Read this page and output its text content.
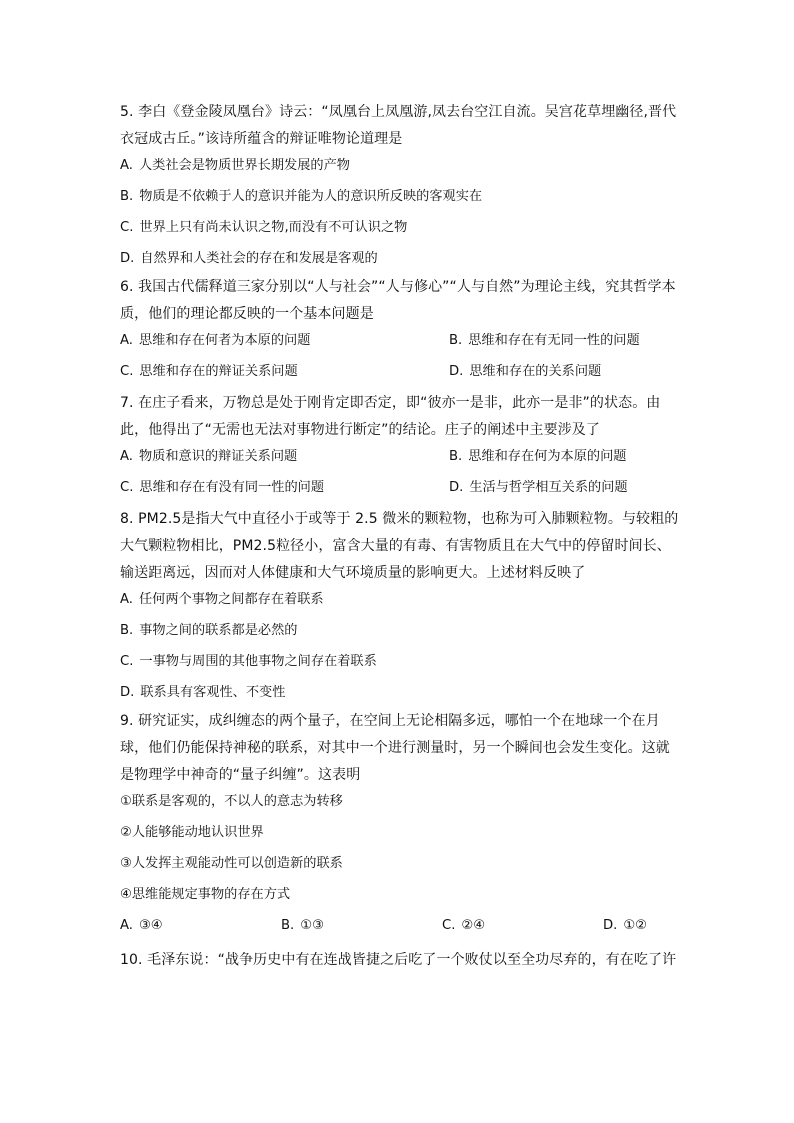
5. 李白《登金陵凤凰台》诗云：“凤凰台上凤凰游,凤去台空江自流。吴宫花草埋幽径,晋代衣冠成古丘。”该诗所蕴含的辩证唯物论道理是

A. 人类社会是物质世界长期发展的产物
B. 物质是不依赖于人的意识并能为人的意识所反映的客观实在
C. 世界上只有尚未认识之物,而没有不可认识之物
D. 自然界和人类社会的存在和发展是客观的

6. 我国古代儒释道三家分别以“人与社会”“人与修心”“人与自然”为理论主线，究其哲学本质，他们的理论都反映的一个基本问题是

A. 思维和存在何者为本原的问题	B. 思维和存在有无同一性的问题
C. 思维和存在的辩证关系问题	D. 思维和存在的关系问题

7. 在庄子看来，万物总是处于刚肯定即否定，即“彼亦一是非，此亦一是非”的状态。由此，他得出了“无需也无法对事物进行断定”的结论。庄子的阐述中主要涉及了

A. 物质和意识的辩证关系问题	B. 思维和存在何为本原的问题
C. 思维和存在有没有同一性的问题	D. 生活与哲学相互关系的问题

8. PM2.5是指大气中直径小于或等于 2.5 微米的颗粒物，也称为可入肺颗粒物。与较粗的大气颗粒物相比，PM2.5粒径小，富含大量的有毒、有害物质且在大气中的停留时间长、输送距离远，因而对人体健康和大气环境质量的影响更大。上述材料反映了

A. 任何两个事物之间都存在着联系
B. 事物之间的联系都是必然的
C. 一事物与周围的其他事物之间存在着联系
D. 联系具有客观性、不变性

9. 研究证实，成纠缠态的两个量子，在空间上无论相隔多远，哪怕一个在地球一个在月球，他们仍能保持神秘的联系，对其中一个进行测量时，另一个瞬间也会发生变化。这就是物理学中神奇的“量子纠缠”。这表明

①联系是客观的，不以人的意志为转移
②人能够能动地认识世界
③人发挥主观能动性可以创造新的联系
④思维能规定事物的存在方式
A. ③④	B. ①③	C. ②④	D. ①②

10. 毛泽东说：“战争历史中有在连战皆捷之后吃了一个败仗以至全功尽弃的，有在吃了许
